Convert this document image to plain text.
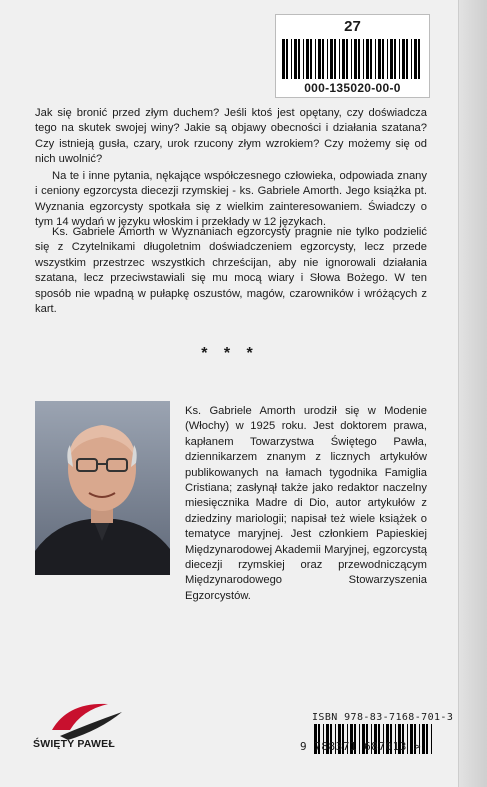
27
000-135020-00-0

Jak się bronić przed złym duchem? Jeśli ktoś jest opętany, czy doświadcza tego na skutek swojej winy? Jakie są objawy obecności i działania szatana? Czy istnieją gusła, czary, urok rzucony złym wzrokiem? Czy możemy się od nich uwolnić?

Na te i inne pytania, nękające współczesnego człowieka, odpowiada znany i ceniony egzorcysta diecezji rzymskiej - ks. Gabriele Amorth. Jego książka pt. Wyznania egzorcysty spotkała się z wielkim zainteresowaniem. Świadczy o tym 14 wydań w języku włoskim i przekłady w 12 językach.

Ks. Gabriele Amorth w Wyznaniach egzorcysty pragnie nie tylko podzielić się z Czytelnikami długoletnim doświadczeniem egzorcysty, lecz przede wszystkim przestrzec wszystkich chrześcijan, aby nie ignorowali działania szatana, lecz przeciwstawiali się mu mocą wiary i Słowa Bożego. W ten sposób nie wpadną w pułapkę oszustów, magów, czarowników i wróżących z kart.

* * *
Ks. Gabriele Amorth urodził się w Modenie (Włochy) w 1925 roku. Jest doktorem prawa, kapłanem Towarzystwa Świętego Pawła, dziennikarzem znanym z licznych artykułów publikowanych na łamach tygodnika Famiglia Cristiana; zasłynął także jako redaktor naczelny miesięcznika Madre di Dio, autor artykułów z dziedziny mariologii; napisał też wiele książek o tematyce maryjnej. Jest członkiem Papieskiej Międzynarodowej Akademii Maryjnej, egzorcystą diecezji rzymskiej oraz przewodniczącym Międzynarodowego Stowarzyszenia Egzorcystów.
ŚWIĘTY PAWEŁ
ISBN 978-83-7168-701-3
9 788371 687013 >
